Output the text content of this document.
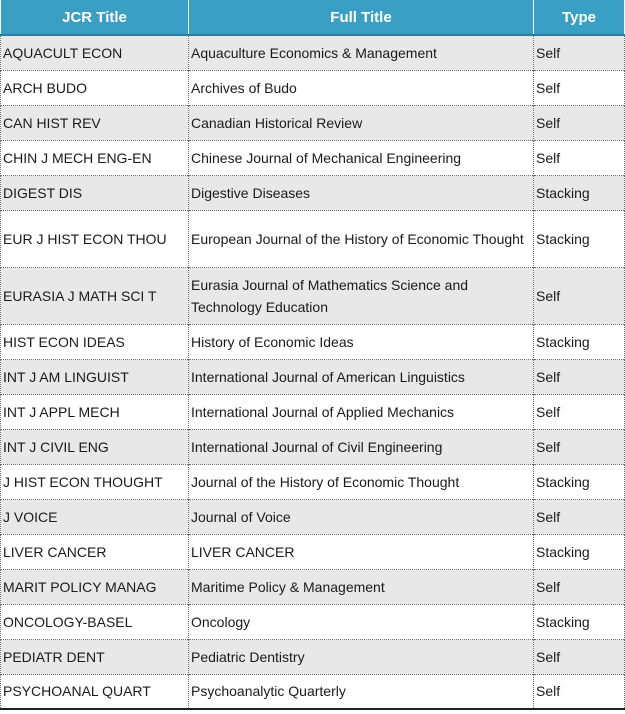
JCR Title	Full Title	Type
AQUACULT ECON	Aquaculture Economics & Management	Self
ARCH BUDO	Archives of Budo	Self
CAN HIST REV	Canadian Historical Review	Self
CHIN J MECH ENG-EN	Chinese Journal of Mechanical Engineering	Self
DIGEST DIS	Digestive Diseases	Stacking
EUR J HIST ECON THOU	European Journal of the History of Economic Thought	Stacking
EURASIA J MATH SCI T	Eurasia Journal of Mathematics Science and Technology Education	Self
HIST ECON IDEAS	History of Economic Ideas	Stacking
INT J AM LINGUIST	International Journal of American Linguistics	Self
INT J APPL MECH	International Journal of Applied Mechanics	Self
INT J CIVIL ENG	International Journal of Civil Engineering	Self
J HIST ECON THOUGHT	Journal of the History of Economic Thought	Stacking
J VOICE	Journal of Voice	Self
LIVER CANCER	LIVER CANCER	Stacking
MARIT POLICY MANAG	Maritime Policy & Management	Self
ONCOLOGY-BASEL	Oncology	Stacking
PEDIATR DENT	Pediatric Dentistry	Self
PSYCHOANAL QUART	Psychoanalytic Quarterly	Self
